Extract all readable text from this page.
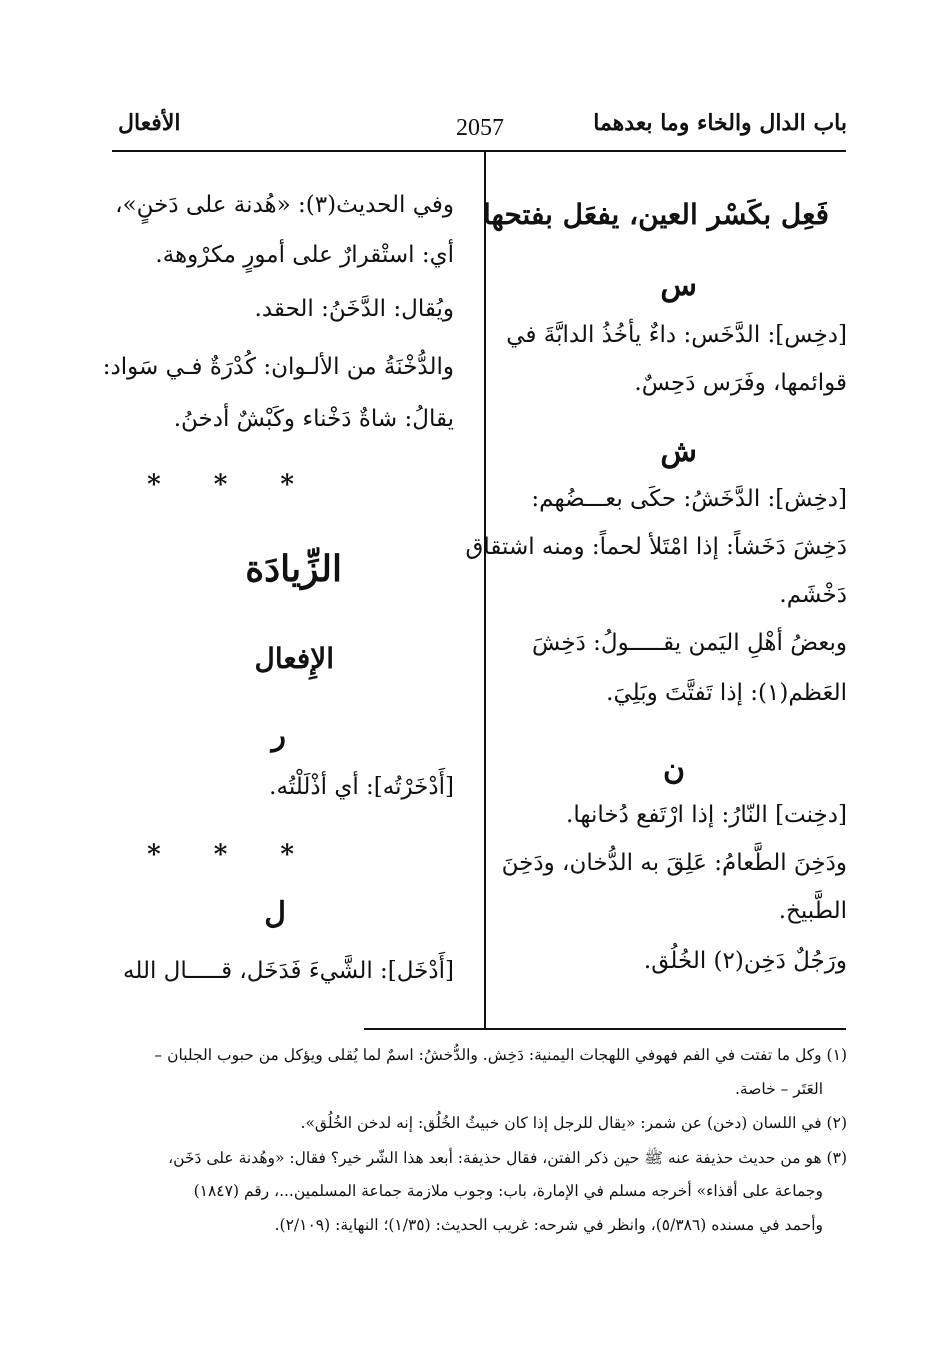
الأفعال	2057	باب الدال والخاء وما بعدهما
فَعِل بكَسْر العين، يفعَل بفتحها
س
[دخِس]: الدَّخَس: داءٌ يأخُذُ الدابَّةَ في
قوائمها، وفَرَس دَحِسٌ.
ش
[دخِش]: الدَّخَشُ: حكَى بعـــضُهم:
دَخِشَ دَخَشاً: إذا امْتَلأ لحماً: ومنه اشتقاق
دَخْشَم.
وبعضُ أهْلِ اليَمن يقـــــولُ: دَخِشَ
العَظم(١): إذا تَفتَّتَ وبَلِيَ.
ن
[دخِنت] النّارُ: إذا ارْتَفع دُخانها.
ودَخِنَ الطَّعامُ: عَلِقَ به الدُّخان، ودَخِنَ
الطَّبيخ.
ورَجُلٌ دَخِن(٢) الخُلُق.
وفي الحديث(٣): «هُدنة على دَخنٍ»،
أي: استْقرارٌ على أمورٍ مكرْوهة.
ويُقال: الدَّخَنُ: الحقد.
والدُّخْنَةُ من الألـوان: كُدْرَةٌ فـي سَواد:
يقالُ: شاةٌ دَخْناء وكَبْشٌ أدخنُ.
* * *
الزِّيادَة
الإِفعال
ر
[أَدْخَرْتُه]: أي أذْلَلْتُه.
* * *
ل
[أَدْخَل]: الشَّيءَ فَدَخَل، قـــــال الله
(١) وكل ما تفتت في الفم فهوفي اللهجات اليمنية: دَخِش. والدُّخشُ: اسمٌ لما يُقلى ويؤكل من حبوب الجلبان –
العَتَر – خاصة.
(٢) في اللسان (دخن) عن شمر: «يقال للرجل إذا كان خبيثُ الخُلُق: إنه لدخن الخُلُق».
(٣) هو من حديث حذيفة عنه ﷺ حين ذكر الفتن، فقال حذيفة: أبعد هذا الشّر خير؟ فقال: «وهُدنة على دَخَن،
وجماعة على أقذاء» أخرجه مسلم في الإمارة، باب: وجوب ملازمة جماعة المسلمين...، رقم (١٨٤٧)
وأحمد في مسنده (٥/٣٨٦)، وانظر في شرحه: غريب الحديث: (١/٣٥)؛ النهاية: (٢/١٠٩).
